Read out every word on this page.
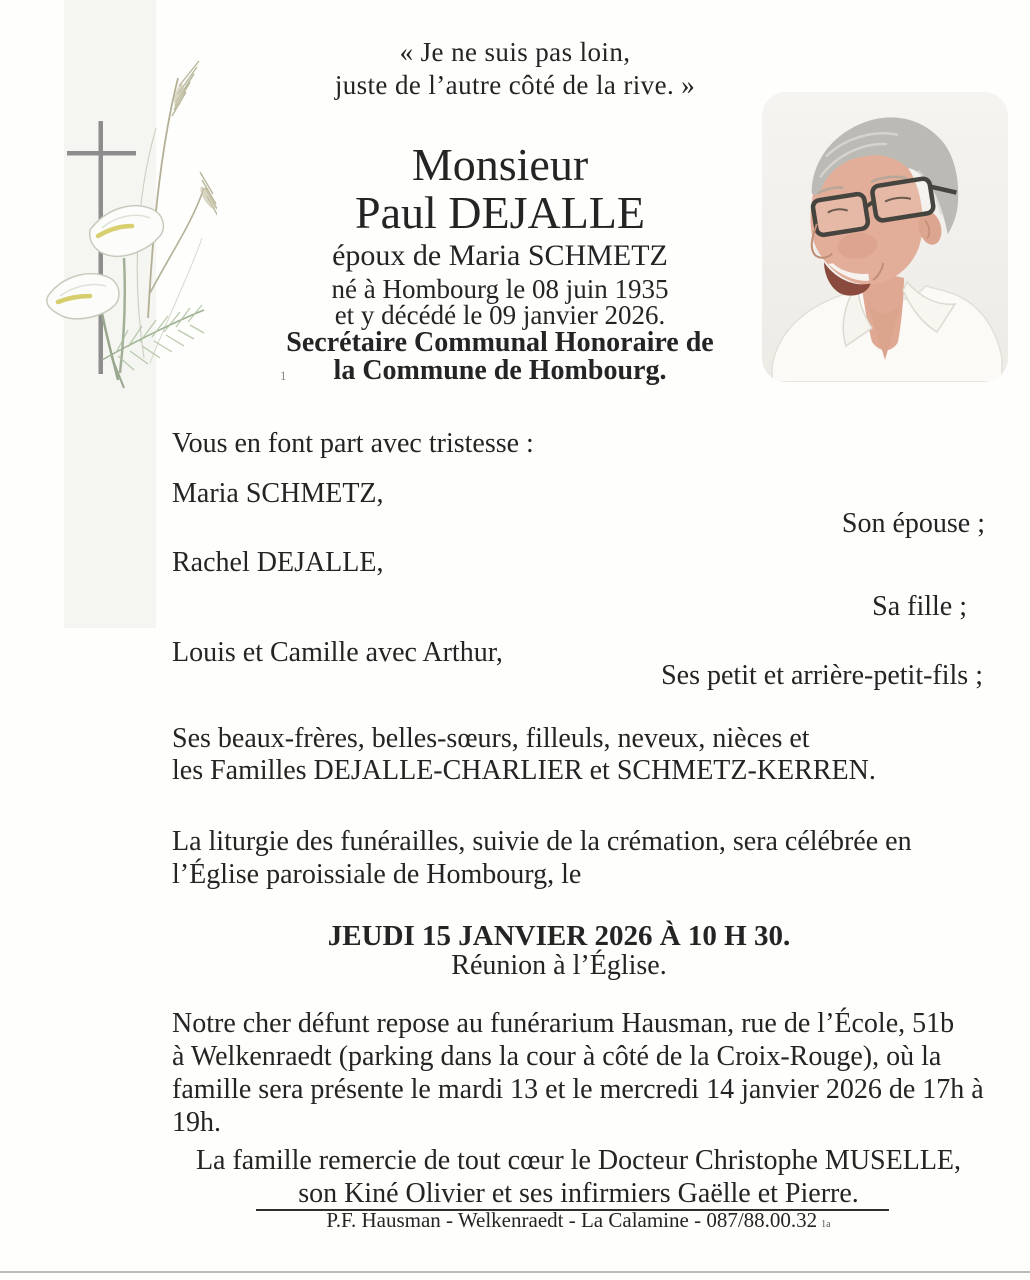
« Je ne suis pas loin,
juste de l’autre côté de la rive. »
Monsieur
Paul DEJALLE
époux de Maria SCHMETZ
né à Hombourg le 08 juin 1935
et y décédé le 09 janvier 2026.
Secrétaire Communal Honoraire de
la Commune de Hombourg.
1
Vous en font part avec tristesse :
Maria SCHMETZ,
Son épouse ;
Rachel DEJALLE,
Sa fille ;
Louis et Camille avec Arthur,
Ses petit et arrière-petit-fils ;
Ses beaux-frères, belles-sœurs, filleuls, neveux, nièces et
les Familles DEJALLE-CHARLIER et SCHMETZ-KERREN.
La liturgie des funérailles, suivie de la crémation, sera célébrée en
l’Église paroissiale de Hombourg, le
JEUDI 15 JANVIER 2026 À 10 H 30.
Réunion à l’Église.
Notre cher défunt repose au funérarium Hausman, rue de l’École, 51b
à Welkenraedt (parking dans la cour à côté de la Croix-Rouge), où la
famille sera présente le mardi 13 et le mercredi 14 janvier 2026 de 17h à
19h.
La famille remercie de tout cœur le Docteur Christophe MUSELLE,
son Kiné Olivier et ses infirmiers Gaëlle et Pierre.
P.F. Hausman - Welkenraedt - La Calamine - 087/88.00.32 1a
